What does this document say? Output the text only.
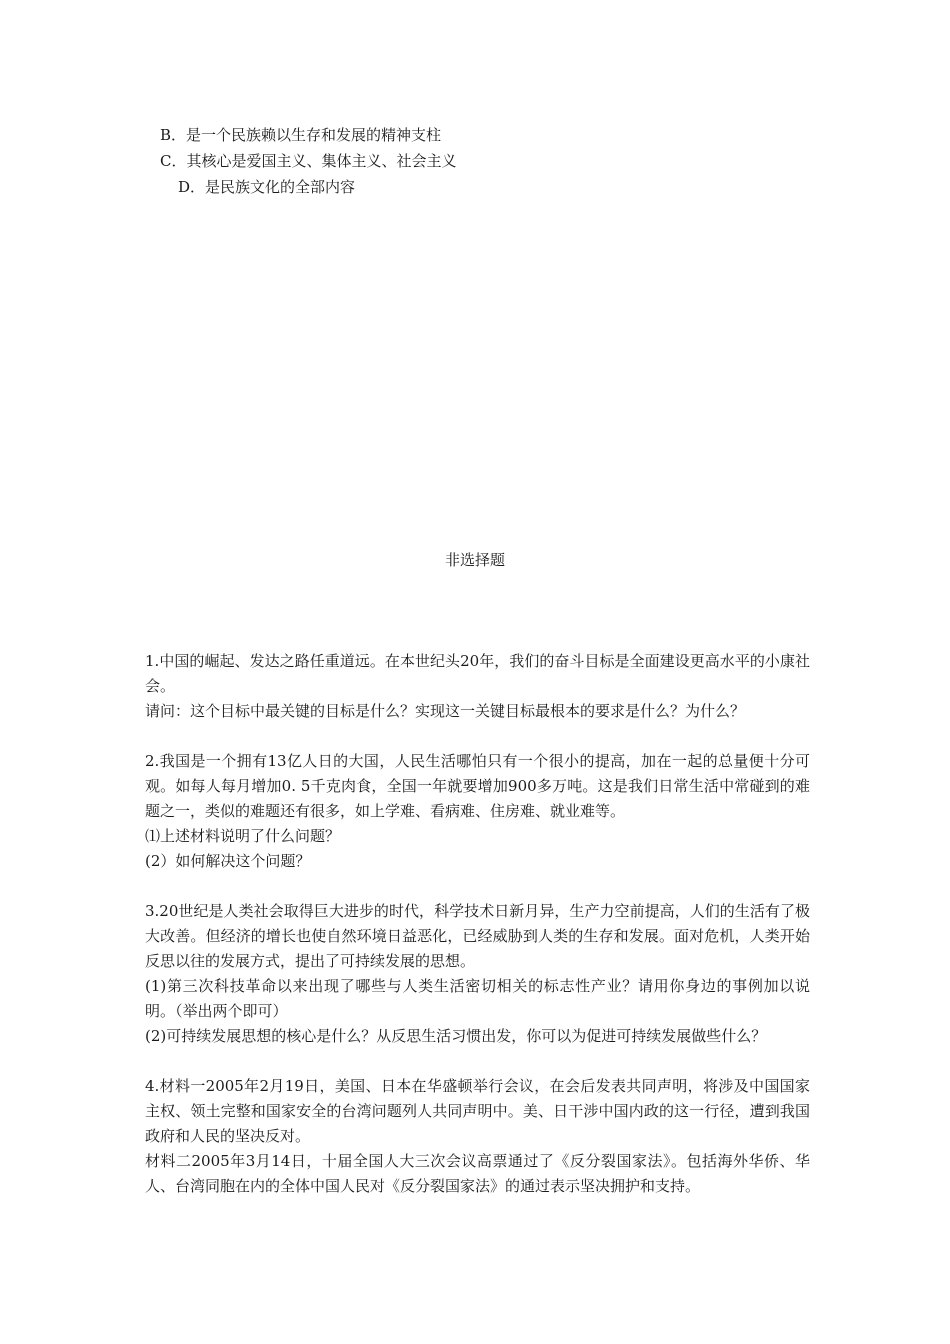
B．是一个民族赖以生存和发展的精神支柱
C．其核心是爱国主义、集体主义、社会主义
D．是民族文化的全部内容
非选择题

1.中国的崛起、发达之路任重道远。在本世纪头20年，我们的奋斗目标是全面建设更高水平的小康社会。

请问：这个目标中最关键的目标是什么？实现这一关键目标最根本的要求是什么？为什么？

2.我国是一个拥有13亿人日的大国，人民生活哪怕只有一个很小的提高，加在一起的总量便十分可观。如每人每月增加0. 5千克肉食，全国一年就要增加900多万吨。这是我们日常生活中常碰到的难题之一，类似的难题还有很多，如上学难、看病难、住房难、就业难等。

⑴上述材料说明了什么问题？

(2）如何解决这个问题？

3.20世纪是人类社会取得巨大进步的时代，科学技术日新月异，生产力空前提高，人们的生活有了极大改善。但经济的增长也使自然环境日益恶化，已经威胁到人类的生存和发展。面对危机，人类开始反思以往的发展方式，提出了可持续发展的思想。

(1)第三次科技革命以来出现了哪些与人类生活密切相关的标志性产业？请用你身边的事例加以说明。（举出两个即可）

(2)可持续发展思想的核心是什么？从反思生活习惯出发，你可以为促进可持续发展做些什么？

4.材料一2005年2月19日，美国、日本在华盛顿举行会议，在会后发表共同声明，将涉及中国国家主权、领土完整和国家安全的台湾问题列人共同声明中。美、日干涉中国内政的这一行径，遭到我国政府和人民的坚决反对。

材料二2005年3月14日，十届全国人大三次会议高票通过了《反分裂国家法》。包括海外华侨、华人、台湾同胞在内的全体中国人民对《反分裂国家法》的通过表示坚决拥护和支持。
